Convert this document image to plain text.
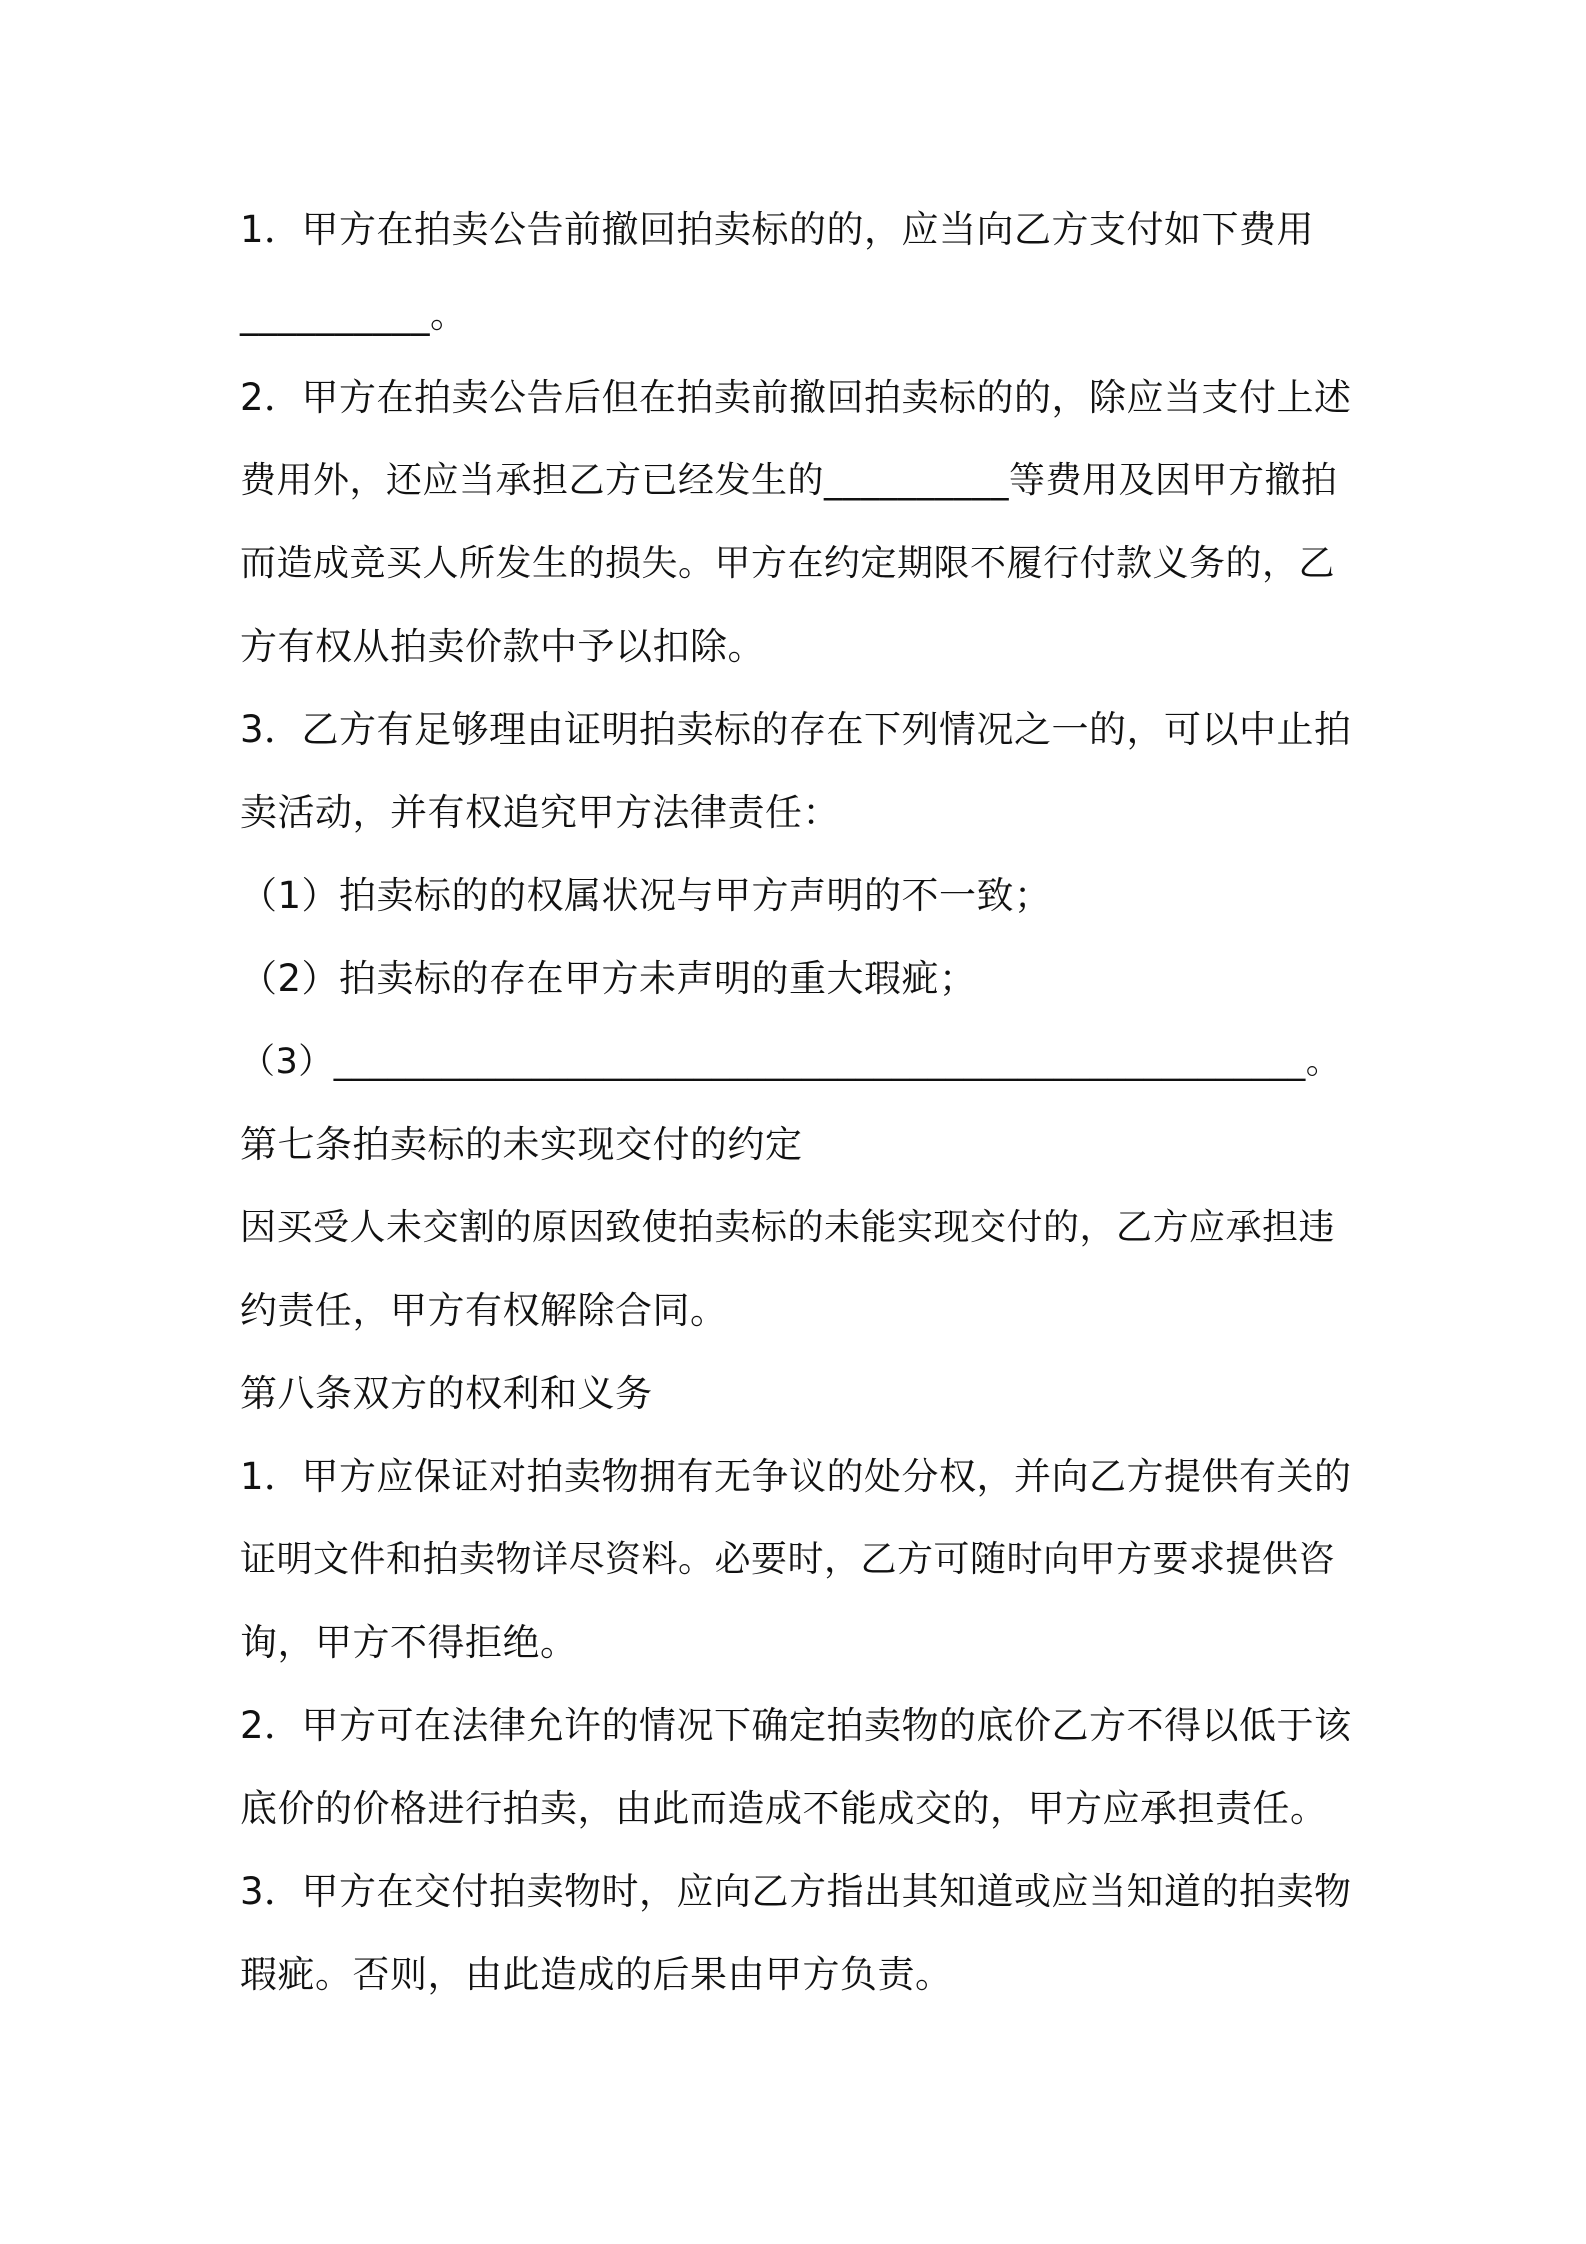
1．甲方在拍卖公告前撤回拍卖标的的，应当向乙方支付如下费用
__________。
2．甲方在拍卖公告后但在拍卖前撤回拍卖标的的，除应当支付上述
费用外，还应当承担乙方已经发生的__________等费用及因甲方撤拍
而造成竞买人所发生的损失。甲方在约定期限不履行付款义务的，乙
方有权从拍卖价款中予以扣除。
3．乙方有足够理由证明拍卖标的存在下列情况之一的，可以中止拍
卖活动，并有权追究甲方法律责任：
（1）拍卖标的的权属状况与甲方声明的不一致；
（2）拍卖标的存在甲方未声明的重大瑕疵；
（3）______________________________________________________。
第七条拍卖标的未实现交付的约定
因买受人未交割的原因致使拍卖标的未能实现交付的，乙方应承担违
约责任，甲方有权解除合同。
第八条双方的权利和义务
1．甲方应保证对拍卖物拥有无争议的处分权，并向乙方提供有关的
证明文件和拍卖物详尽资料。必要时，乙方可随时向甲方要求提供咨
询，甲方不得拒绝。
2．甲方可在法律允许的情况下确定拍卖物的底价乙方不得以低于该
底价的价格进行拍卖，由此而造成不能成交的，甲方应承担责任。
3．甲方在交付拍卖物时，应向乙方指出其知道或应当知道的拍卖物
瑕疵。否则，由此造成的后果由甲方负责。
